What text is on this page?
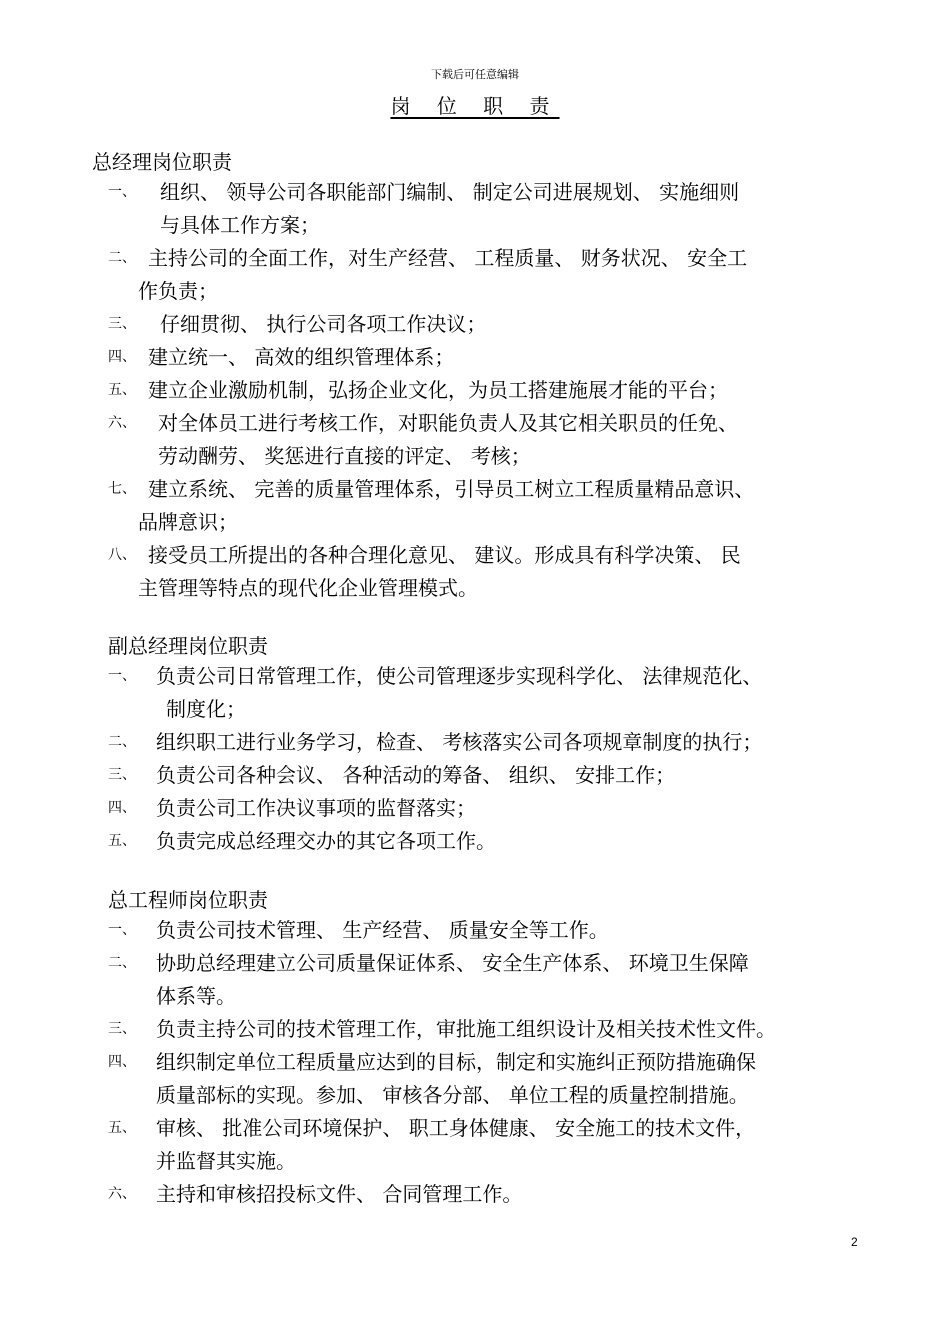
下载后可任意编辑
岗 位 职 责
总经理岗位职责
一、 组织、 领导公司各职能部门编制、 制定公司进展规划、 实施细则
与具体工作方案；
二、 主持公司的全面工作，对生产经营、 工程质量、 财务状况、 安全工
作负责；
三、 仔细贯彻、 执行公司各项工作决议；
四、 建立统一、 高效的组织管理体系；
五、 建立企业激励机制，弘扬企业文化，为员工搭建施展才能的平台；
六、 对全体员工进行考核工作，对职能负责人及其它相关职员的任免、
劳动酬劳、 奖惩进行直接的评定、 考核；
七、 建立系统、 完善的质量管理体系，引导员工树立工程质量精品意识、
品牌意识；
八、 接受员工所提出的各种合理化意见、 建议。形成具有科学决策、 民
主管理等特点的现代化企业管理模式。
副总经理岗位职责
一、 负责公司日常管理工作，使公司管理逐步实现科学化、 法律规范化、
制度化；
二、 组织职工进行业务学习，检查、 考核落实公司各项规章制度的执行；
三、 负责公司各种会议、 各种活动的筹备、 组织、 安排工作；
四、 负责公司工作决议事项的监督落实；
五、 负责完成总经理交办的其它各项工作。
总工程师岗位职责
一、 负责公司技术管理、 生产经营、 质量安全等工作。
二、 协助总经理建立公司质量保证体系、 安全生产体系、 环境卫生保障
体系等。
三、 负责主持公司的技术管理工作，审批施工组织设计及相关技术性文件。
四、 组织制定单位工程质量应达到的目标，制定和实施纠正预防措施确保
质量部标的实现。参加、 审核各分部、 单位工程的质量控制措施。
五、 审核、 批准公司环境保护、 职工身体健康、 安全施工的技术文件，
并监督其实施。
六、 主持和审核招投标文件、 合同管理工作。
2
